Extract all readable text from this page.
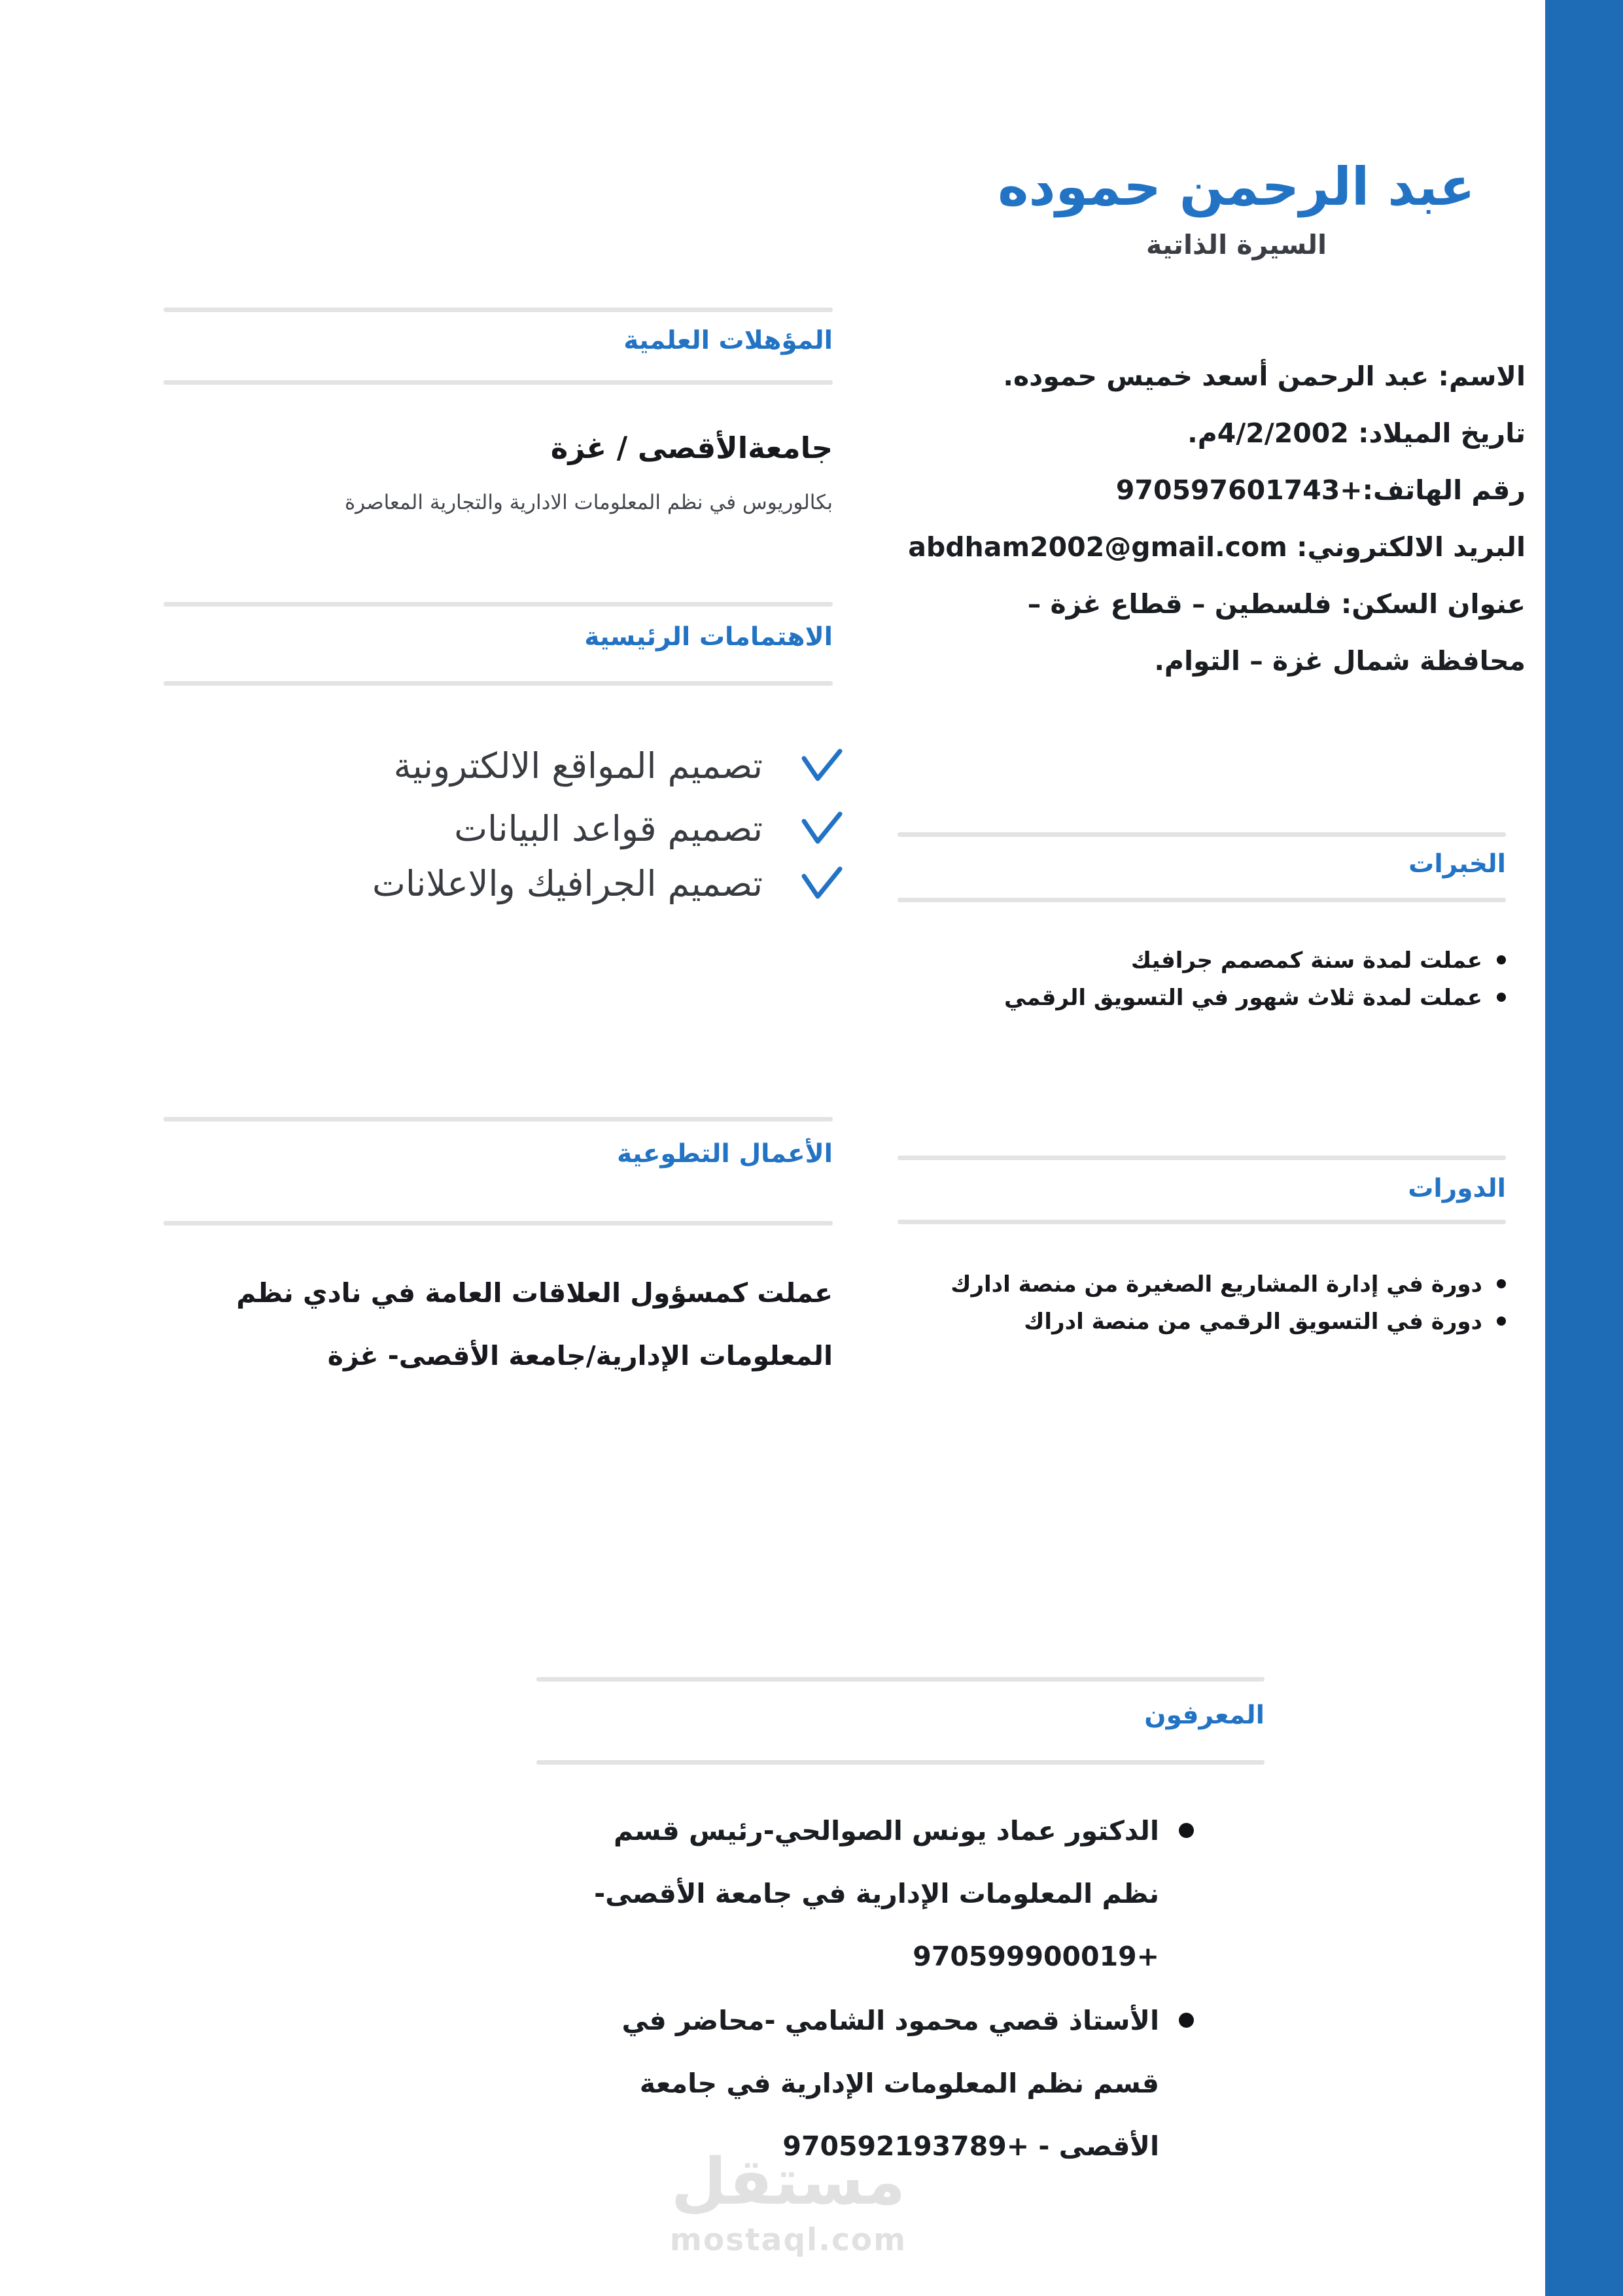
عبد الرحمن حموده
السيرة الذاتية
الاسم: عبد الرحمن أسعد خميس حموده.
تاريخ الميلاد: 4/2/2002م.
رقم الهاتف:+970597601743
البريد الالكتروني: abdham2002@gmail.com
عنوان السكن: فلسطين – قطاع غزة –
محافظة شمال غزة – التوام.
المؤهلات العلمية
جامعةالأقصى / غزة
بكالوريوس في نظم المعلومات الادارية والتجارية المعاصرة
الاهتمامات الرئيسية
تصميم المواقع الالكترونية
تصميم قواعد البيانات
تصميم الجرافيك والاعلانات	الخبرات
عملت لمدة سنة كمصمم جرافيك
عملت لمدة ثلاث شهور في التسويق الرقمي
الأعمال التطوعية
عملت كمسؤول العلاقات العامة في نادي نظم المعلومات الإدارية/جامعة الأقصى- غزة
الدورات
دورة في إدارة المشاريع الصغيرة من منصة ادارك
دورة في التسويق الرقمي من منصة ادراك
المعرفون
الدكتور عماد يونس الصوالحي-رئيس قسم
نظم المعلومات الإدارية في جامعة الأقصى-
+970599900019
الأستاذ قصي محمود الشامي -محاضر في
قسم نظم المعلومات الإدارية في جامعة
الأقصى - +970592193789
مستقل
mostaql.com
